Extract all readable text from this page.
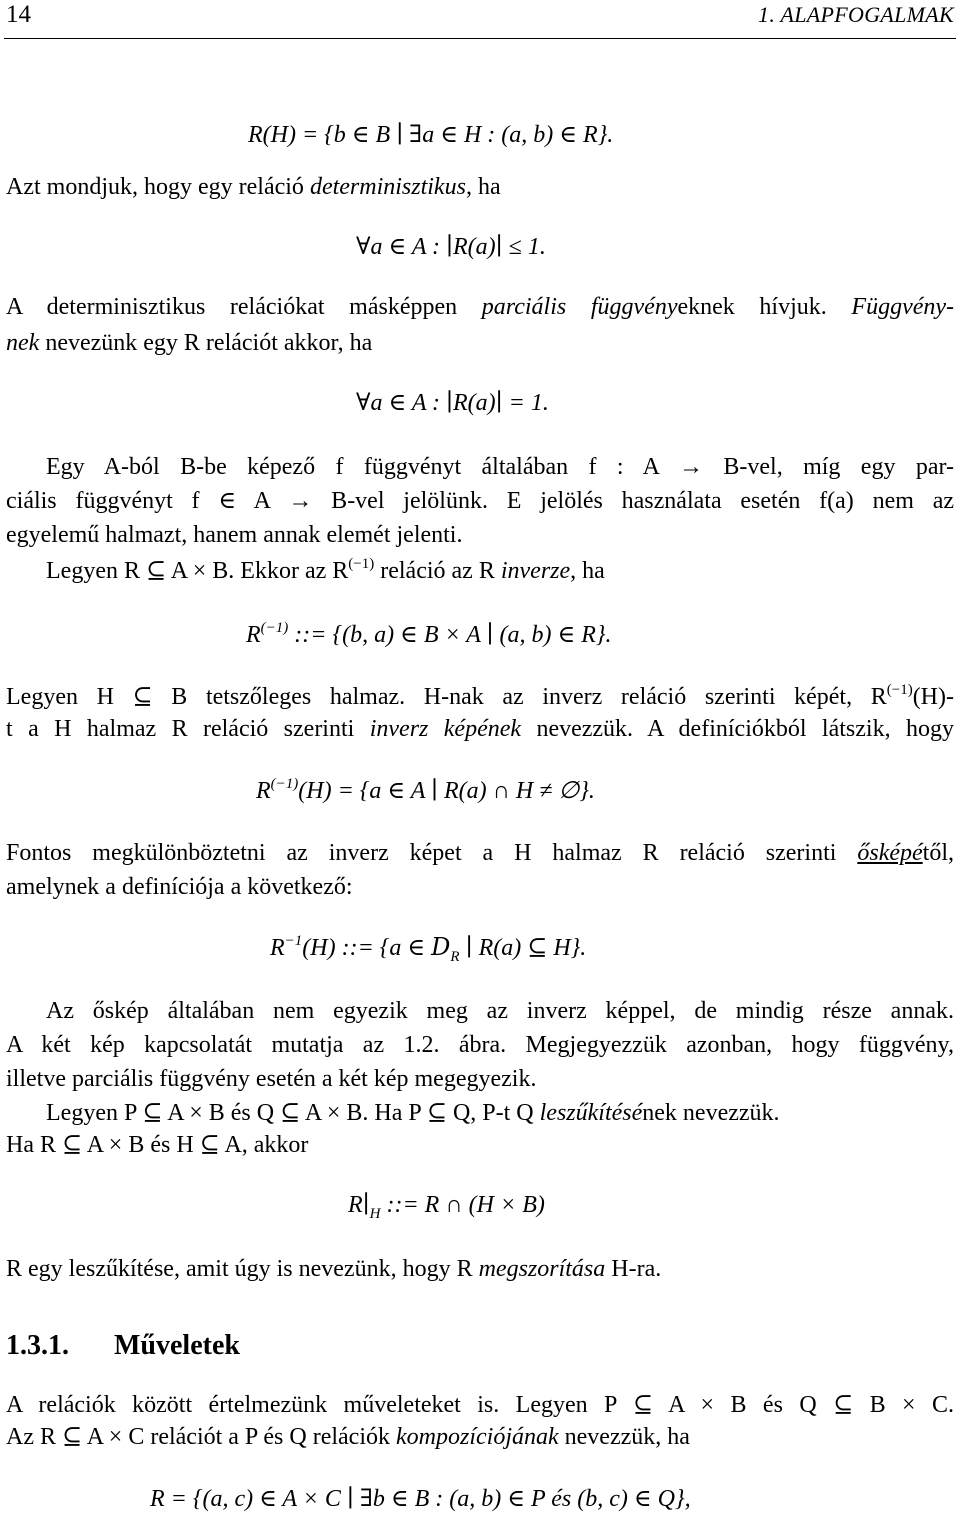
14	1. ALAPFOGALMAK
R(H) = {b ∈ B ∣ ∃a ∈ H : (a, b) ∈ R}.
Azt mondjuk, hogy egy reláció determinisztikus, ha
∀a ∈ A : ∣R(a)∣ ≤ 1.
A determinisztikus relációkat másképpen parciális függvényeknek hívjuk. Függvény-
nek nevezünk egy R relációt akkor, ha
∀a ∈ A : ∣R(a)∣ = 1.
Egy A-ból B-be képező f függvényt általában f : A → B-vel, míg egy par-
ciális függvényt f ∈ A → B-vel jelölünk. E jelölés használata esetén f(a) nem az
egyelemű halmazt, hanem annak elemét jelenti.
Legyen R ⊆ A × B. Ekkor az $R^{(-1)}$ reláció az R inverze, ha
$R^{(-1)}$ ::= {(b, a) ∈ B × A ∣ (a, b) ∈ R}.
Legyen H ⊆ B tetszőleges halmaz. H-nak az inverz reláció szerinti képét, $R^{(-1)}(H)-$
t a H halmaz R reláció szerinti inverz képének nevezzük. A definíciókból látszik, hogy
$R^{(-1)}(H) = \{a$ ∈ A ∣ R(a) ∩ H ≠ ∅}.
Fontos megkülönböztetni az inverz képet a H halmaz R reláció szerinti ősképétől,
amelynek a definíciója a következő:
$R^{-1}(H)$ ::= {a ∈ $D_R$ ∣ R(a) ⊆ H}.
Az őskép általában nem egyezik meg az inverz képpel, de mindig része annak.
A két kép kapcsolatát mutatja az 1.2. ábra. Megjegyezzük azonban, hogy függvény,
illetve parciális függvény esetén a két kép megegyezik.
Legyen P ⊆ A × B és Q ⊆ A × B. Ha P ⊆ Q, P-t Q leszűkítésének nevezzük.
Ha R ⊆ A × B és H ⊆ A, akkor
$R∣_H$ ::= R ∩ (H × B)
R egy leszűkítése, amit úgy is nevezünk, hogy R megszorítása H-ra.
1.3.1. Műveletek
A relációk között értelmezünk műveleteket is. Legyen P ⊆ A × B és Q ⊆ B × C.
Az R ⊆ A × C relációt a P és Q relációk kompozíciójának nevezzük, ha
R = {(a, c) ∈ A × C ∣ ∃b ∈ B : (a, b) ∈ P és (b, c) ∈ Q},
